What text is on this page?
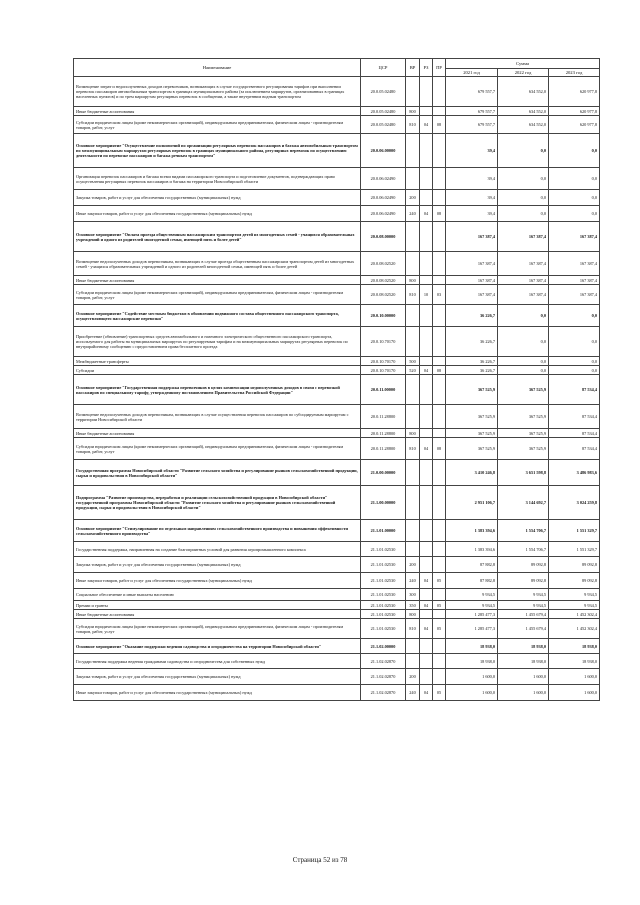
Наименование	ЦСР	ВР	РЗ	ПР	Сумма		
					2021 год	2022 год	2023 год
Возмещение затрат и недополученных доходов перевозчиков, возникающих в случае государственного регулирования тарифов при выполнении перевозок пассажиров автомобильным транспортом в границах муниципального района (за исключением маршрутов, организованных в границах населенных пунктов) и по трем маршрутам регулярных перевозок в сообщении, а также внутренним водным транспортом	20.0.05.02480				679 557,7	634 552,0	620 977,8
Иные бюджетные ассигнования	20.0.05.02480	800			679 557,7	634 552,0	620 977,8
Субсидии юридическим лицам (кроме некоммерческих организаций), индивидуальным предпринимателям, физическим лицам - производителям товаров, работ, услуг	20.0.05.02480	810	04	08	679 557,7	634 552,0	620 977,8
Основное мероприятие "Осуществление полномочий по организации регулярных перевозок пассажиров и багажа автомобильным транспортом по межмуниципальным маршрутам регулярных перевозок в границах муниципального района, регулярных перевозок по осуществлению деятельности по перевозке пассажиров и багажа речным транспортом"	20.0.06.00000				39,4	0,0	0,0
Организация перевозок пассажиров и багажа всеми видами пассажирского транспорта и подготовление документов, подтверждающих право осуществления регулярных перевозок пассажиров и багажа на территории Новосибирской области	20.0.06.02490				39,4	0,0	0,0
Закупка товаров, работ и услуг для обеспечения государственных (муниципальных) нужд	20.0.06.02490	200			39,4	0,0	0,0
Иные закупки товаров, работ и услуг для обеспечения государственных (муниципальных) нужд	20.0.06.02490	240	04	08	39,4	0,0	0,0
Основное мероприятие "Оплата проезда общественным пассажирским транспортом детей из многодетных семей - учащихся образовательных учреждений и одного из родителей многодетной семьи, имеющей пять и более детей"	20.0.08.00000				167 387,4	167 387,4	167 387,4
Возмещение недополученных доходов перевозчикам, возникающих в случае проезда общественным пассажирским транспортом детей из многодетных семей - учащихся образовательных учреждений и одного из родителей многодетной семьи, имеющей пять и более детей	20.0.08.02520				167 387,4	167 387,4	167 387,4
Иные бюджетные ассигнования	20.0.08.02520	800			167 387,4	167 387,4	167 387,4
Субсидии юридическим лицам (кроме некоммерческих организаций), индивидуальным предпринимателям, физическим лицам - производителям товаров, работ, услуг	20.0.08.02520	810	10	03	167 387,4	167 387,4	167 387,4
Основное мероприятие "Содействие местным бюджетам в обновлении подвижного состава общественного пассажирского транспорта, осуществляющего пассажирские перевозки"	20.0.10.00000				36 226,7	0,0	0,0
Приобретение (обновление) транспортных средств автомобильного и наземного электрического общественного пассажирского транспорта, используемого для работы на муниципальных маршрутах по регулируемым тарифам и на межмуниципальных маршрутах регулярных перевозок по внутрирайонному сообщению с предоставлением права бесплатного проезда	20.0.10.70170				36 226,7	0,0	0,0
Межбюджетные трансферты	20.0.10.70170	500			36 226,7	0,0	0,0
Субсидии	20.0.10.70170	520	04	08	36 226,7	0,0	0,0
Основное мероприятие "Государственная поддержка перевозчиков в целях компенсации недополученных доходов в связи с перевозкой пассажиров по специальному тарифу, утвержденному постановлением Правительства Российской Федерации"	20.0.11.00000				367 525,9	367 525,9	87 534,4
Возмещение недополученных доходов перевозчикам, возникающих в случае осуществления перевозок пассажиров по субсидируемым маршрутам с территории Новосибирской области	20.0.11.28800				367 525,9	367 525,9	87 534,4
Иные бюджетные ассигнования	20.0.11.28800	800			367 525,9	367 525,9	87 534,4
Субсидии юридическим лицам (кроме некоммерческих организаций), индивидуальным предпринимателям, физическим лицам - производителям товаров, работ, услуг	20.0.11.28800	810	04	08	367 525,9	367 525,9	87 534,4
Государственная программа Новосибирской области "Развитие сельского хозяйства и регулирование рынков сельскохозяйственной продукции, сырья и продовольствия в Новосибирской области"	21.0.00.00000				3 410 246,8	3 651 598,8	3 486 983,6
Подпрограмма "Развитие производства, переработки и реализации сельскохозяйственной продукции в Новосибирской области" государственной программы Новосибирской области "Развитие сельского хозяйства и регулирование рынков сельскохозяйственной продукции, сырья и продовольствия в Новосибирской области"	21.1.00.00000				2 951 106,7	3 144 692,7	3 024 259,8
Основное мероприятие "Стимулирование по отдельным направлениям сельскохозяйственного производства и повышения эффективности сельскохозяйственного производства"	21.1.01.00000				1 383 394,6	1 554 706,7	1 551 329,7
Государственная поддержка, направленная на создание благоприятных условий для развития агропромышленного комплекса	21.1.01.02530				1 383 394,6	1 554 706,7	1 551 329,7
Закупка товаров, работ и услуг для обеспечения государственных (муниципальных) нужд	21.1.01.02530	200			87 882,8	89 092,8	89 092,8
Иные закупки товаров, работ и услуг для обеспечения государственных (муниципальных) нужд	21.1.01.02530	240	04	05	87 882,8	89 092,8	89 092,8
Социальное обеспечение и иные выплаты населению	21.1.01.02530	300			9 934,5	9 934,5	9 934,5
Премии и гранты	21.1.01.02530	350	04	05	9 934,5	9 934,5	9 934,5
Иные бюджетные ассигнования	21.1.01.02530	800			1 285 477,3	1 455 679,4	1 452 302,4
Субсидии юридическим лицам (кроме некоммерческих организаций), индивидуальным предпринимателям, физическим лицам - производителям товаров, работ, услуг	21.1.01.02530	810	04	05	1 285 477,3	1 455 679,4	1 452 302,4
Основное мероприятие "Оказание поддержки ведения садоводства и огородничества на территории Новосибирской области"	21.1.02.00000				18 938,0	18 938,0	18 938,0
Государственная поддержка ведения гражданами садоводства и огородничества для собственных нужд	21.1.02.02870				18 938,0	18 938,0	18 938,0
Закупка товаров, работ и услуг для обеспечения государственных (муниципальных) нужд	21.1.02.02870	200			1 600,0	1 600,0	1 600,0
Иные закупки товаров, работ и услуг для обеспечения государственных (муниципальных) нужд	21.1.02.02870	240	04	05	1 600,0	1 600,0	1 600,0
Страница 52 из 78
